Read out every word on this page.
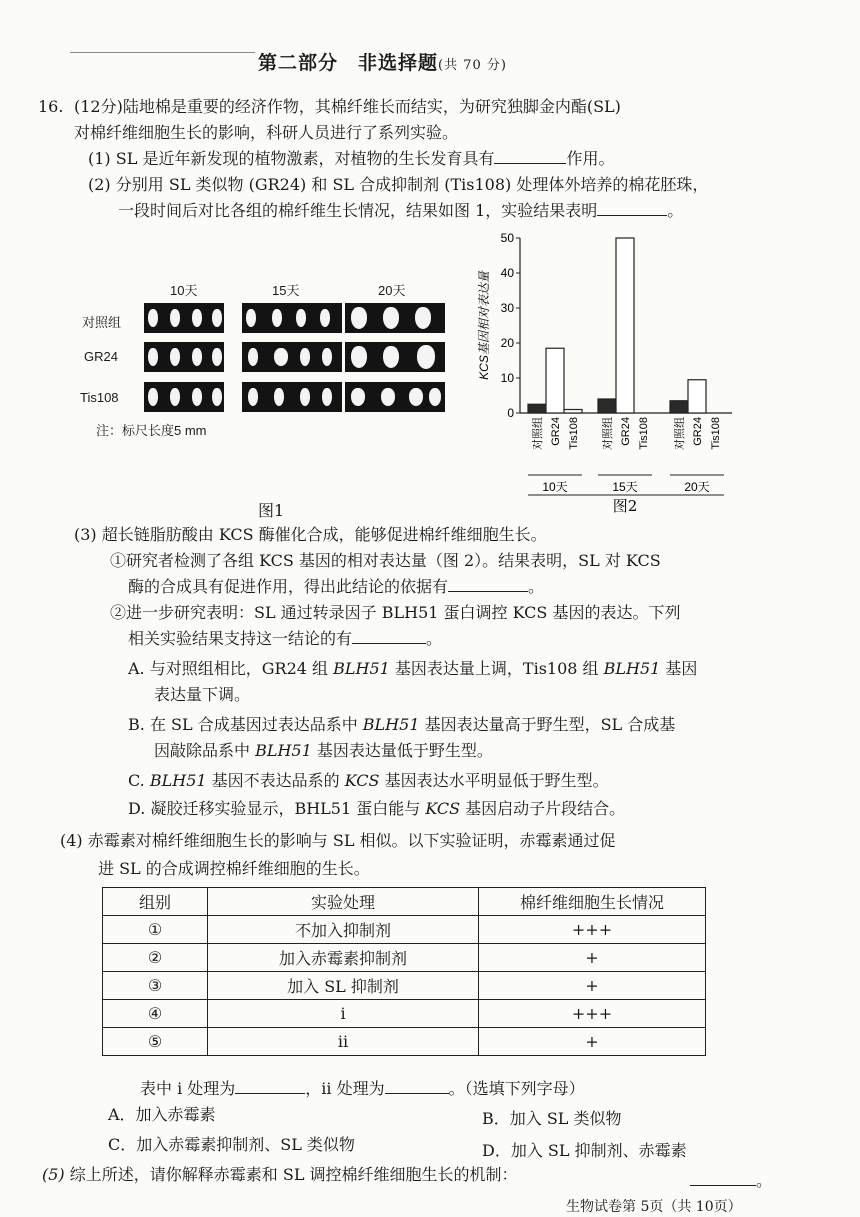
第二部分　非选择题(共 70 分)
16. (12分)陆地棉是重要的经济作物，其棉纤维长而结实，为研究独脚金内酯(SL)
对棉纤维细胞生长的影响，科研人员进行了系列实验。
(1) SL 是近年新发现的植物激素，对植物的生长发育具有	作用。
(2) 分别用 SL 类似物 (GR24) 和 SL 合成抑制剂 (Tis108) 处理体外培养的棉花胚珠，
一段时间后对比各组的棉纤维生长情况，结果如图 1，实验结果表明	。
10天	15天	20天
对照组
GR24
Tis108
注：标尺长度5 mm
图1
0
10
20
30
40
50
KCS基因相对表达量
对照组 GR24 Tis108
10天
对照组 GR24 Tis108
15天
对照组 GR24 Tis108
20天
图2
(3) 超长链脂肪酸由 KCS 酶催化合成，能够促进棉纤维细胞生长。
①研究者检测了各组 KCS 基因的相对表达量（图 2）。结果表明，SL 对 KCS
酶的合成具有促进作用，得出此结论的依据有	。
②进一步研究表明：SL 通过转录因子 BLH51 蛋白调控 KCS 基因的表达。下列
相关实验结果支持这一结论的有	。
A. 与对照组相比，GR24 组 BLH51 基因表达量上调，Tis108 组 BLH51 基因
表达量下调。
B. 在 SL 合成基因过表达品系中 BLH51 基因表达量高于野生型，SL 合成基
因敲除品系中 BLH51 基因表达量低于野生型。
C. BLH51 基因不表达品系的 KCS 基因表达水平明显低于野生型。
D. 凝胶迁移实验显示，BHL51 蛋白能与 KCS 基因启动子片段结合。
(4) 赤霉素对棉纤维细胞生长的影响与 SL 相似。以下实验证明，赤霉素通过促
进 SL 的合成调控棉纤维细胞的生长。
组别	实验处理	棉纤维细胞生长情况
①	不加入抑制剂	+++
②	加入赤霉素抑制剂	+
③	加入 SL 抑制剂	+
④	i	+++
⑤	ii	+
表中 i 处理为	，ii 处理为	。（选填下列字母）
A．加入赤霉素	B．加入 SL 类似物
C．加入赤霉素抑制剂、SL 类似物	D．加入 SL 抑制剂、赤霉素
(5) 综上所述，请你解释赤霉素和 SL 调控棉纤维细胞生长的机制：	。
生物试卷第 5页（共 10页）
